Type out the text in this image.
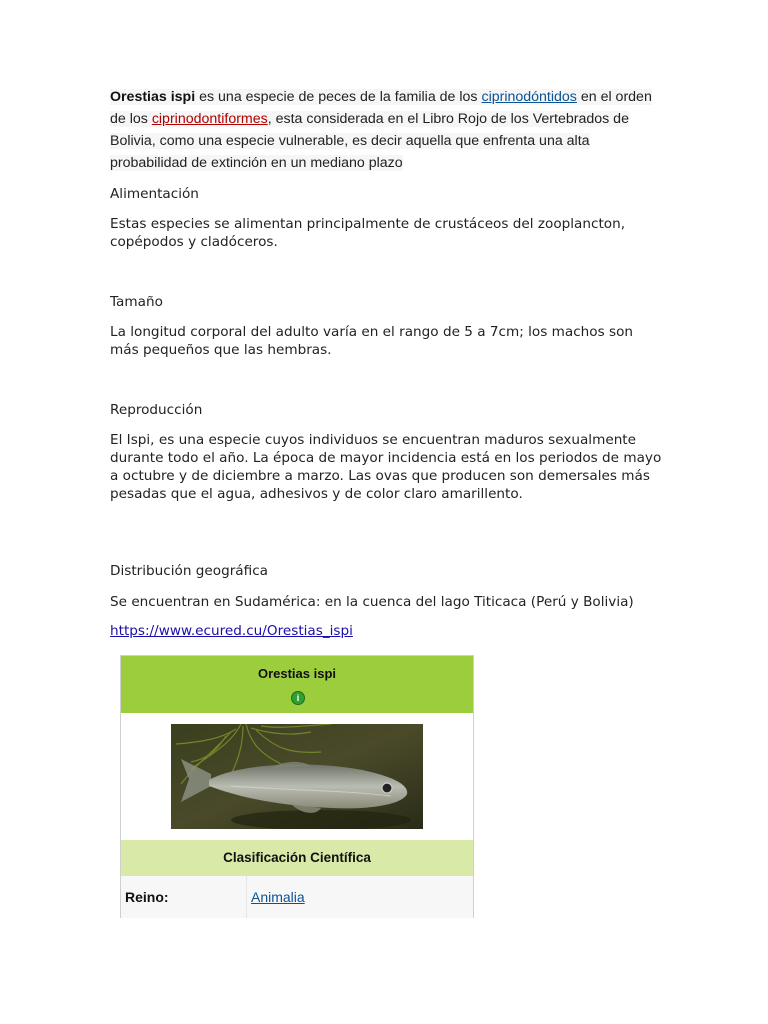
Orestias ispi es una especie de peces de la familia de los ciprinodóntidos en el orden de los ciprinodontiformes, esta considerada en el Libro Rojo de los Vertebrados de Bolivia, como una especie vulnerable, es decir aquella que enfrenta una alta probabilidad de extinción en un mediano plazo
Alimentación
Estas especies se alimentan principalmente de crustáceos del zooplancton, copépodos y cladóceros.
Tamaño
La longitud corporal del adulto varía en el rango de 5 a 7cm; los machos son más pequeños que las hembras.
Reproducción
El Ispi, es una especie cuyos individuos se encuentran maduros sexualmente durante todo el año. La época de mayor incidencia está en los periodos de mayo a octubre y de diciembre a marzo. Las ovas que producen son demersales más pesadas que el agua, adhesivos y de color claro amarillento.
Distribución geográfica
Se encuentran en Sudamérica: en la cuenca del lago Titicaca (Perú y Bolivia)
https://www.ecured.cu/Orestias_ispi
Orestias ispi
i
Clasificación Científica
Reino:	Animalia
